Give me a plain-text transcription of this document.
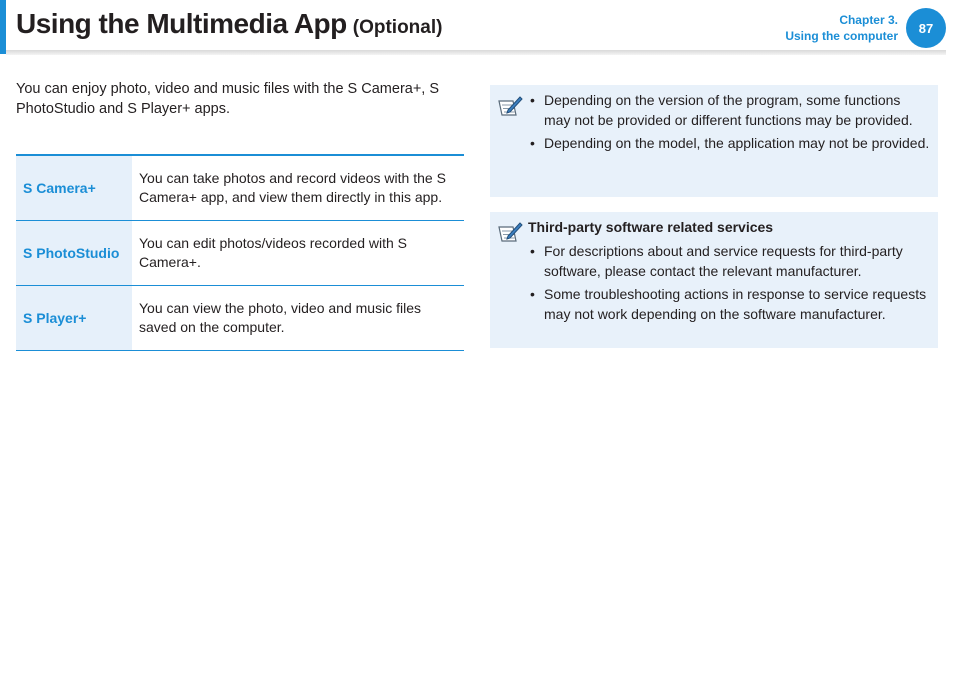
Using the Multimedia App (Optional)	Chapter 3.
Using the computer
87

You can enjoy photo, video and music files with the S Camera+, S PhotoStudio and S Player+ apps.

S Camera+	You can take photos and record videos with the S Camera+ app, and view them directly in this app.
S PhotoStudio	You can edit photos/videos recorded with S Camera+.
S Player+	You can view the photo, video and music files saved on the computer.
• Depending on the version of the program, some functions may not be provided or different functions may be provided.
• Depending on the model, the application may not be provided.
Third-party software related services
• For descriptions about and service requests for third-party software, please contact the relevant manufacturer.
• Some troubleshooting actions in response to service requests may not work depending on the software manufacturer.
